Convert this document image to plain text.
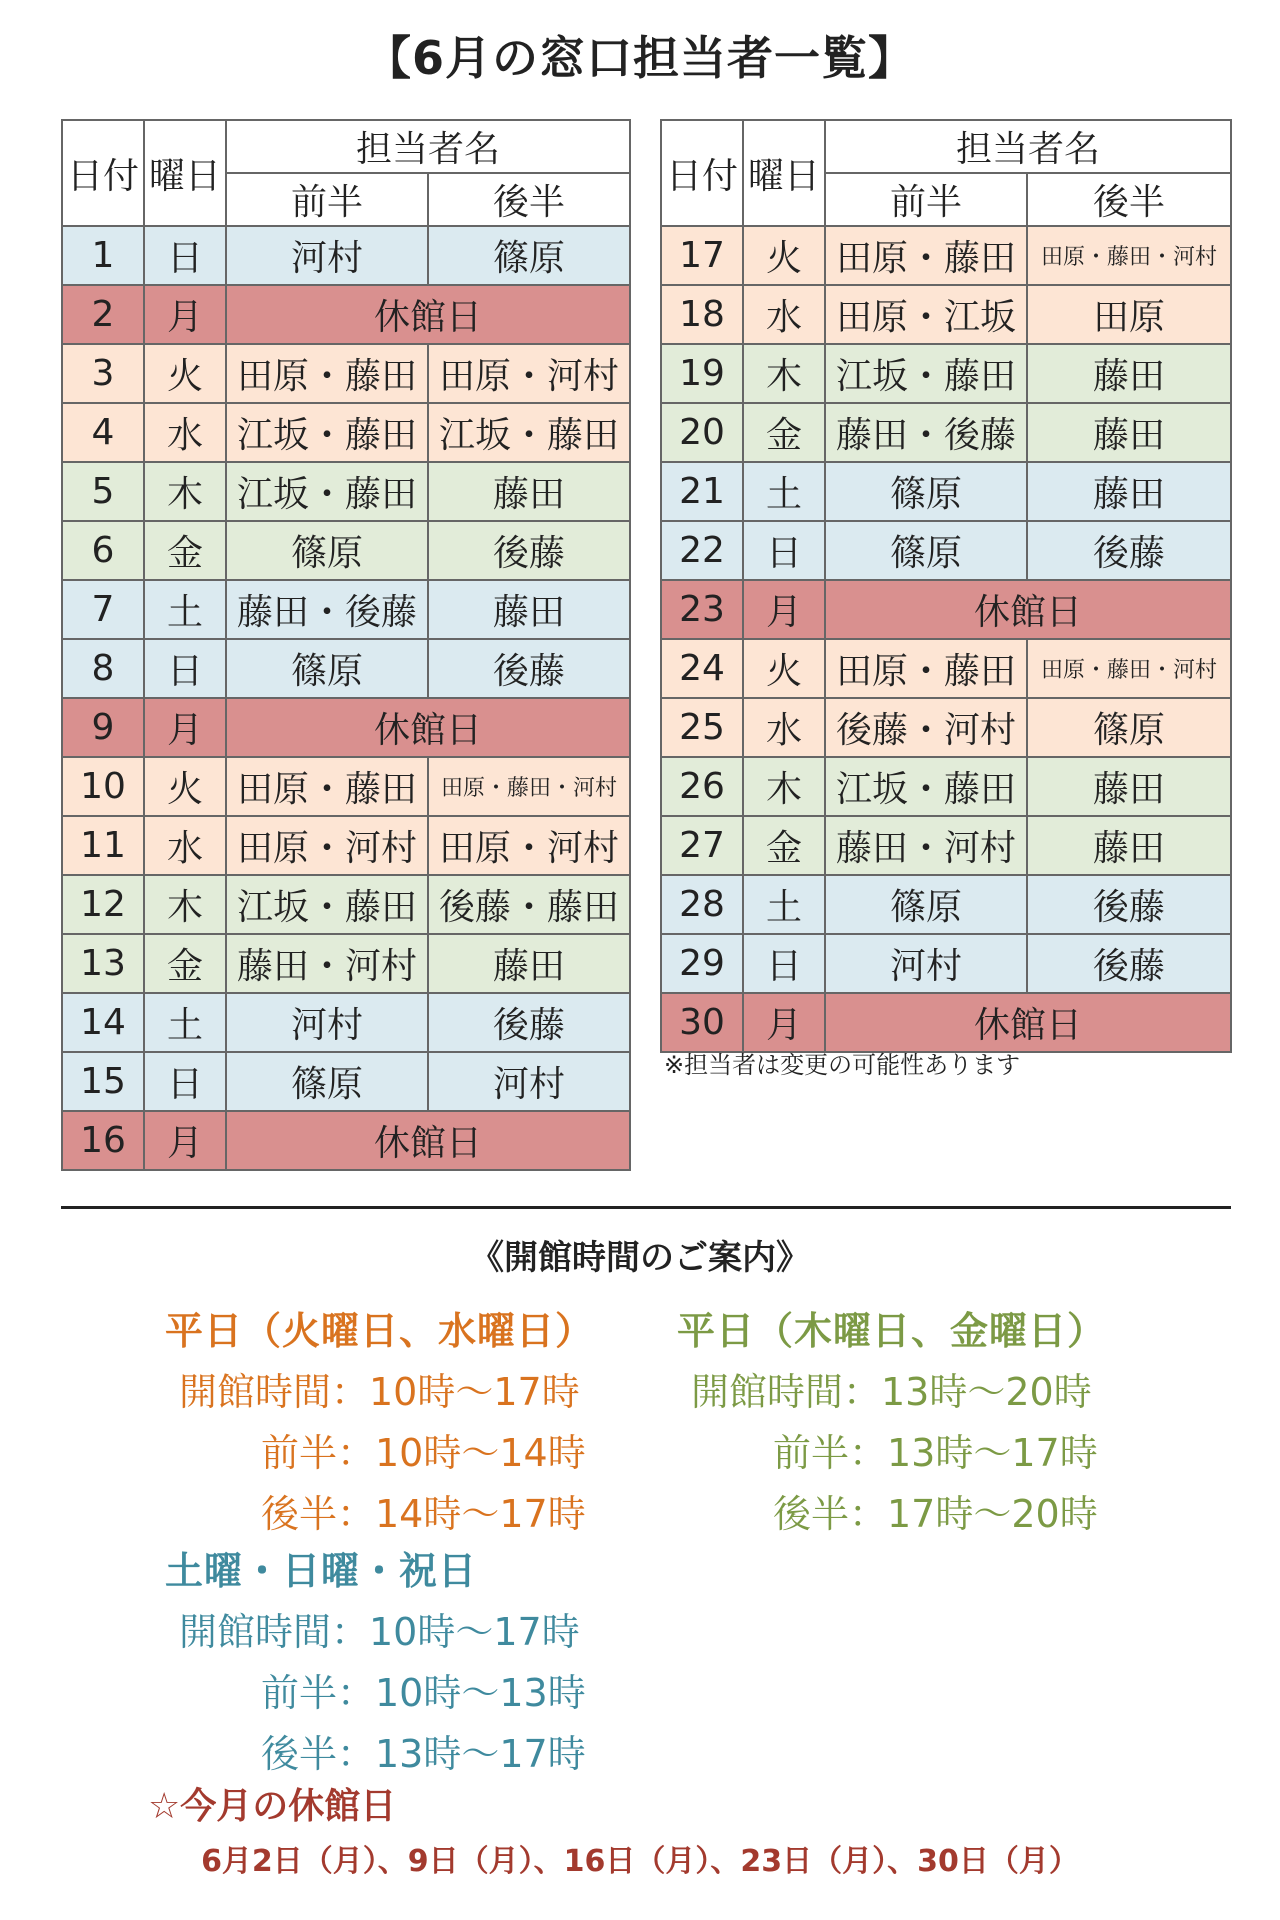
【6月の窓口担当者一覧】
日付	曜日	担当者名	
		前半	後半
1	日	河村	篠原
2	月	休館日	
3	火	田原・藤田	田原・河村
4	水	江坂・藤田	江坂・藤田
5	木	江坂・藤田	藤田
6	金	篠原	後藤
7	土	藤田・後藤	藤田
8	日	篠原	後藤
9	月	休館日	
10	火	田原・藤田	田原・藤田・河村
11	水	田原・河村	田原・河村
12	木	江坂・藤田	後藤・藤田
13	金	藤田・河村	藤田
14	土	河村	後藤
15	日	篠原	河村
16	月	休館日	
日付	曜日	担当者名	
		前半	後半
17	火	田原・藤田	田原・藤田・河村
18	水	田原・江坂	田原
19	木	江坂・藤田	藤田
20	金	藤田・後藤	藤田
21	土	篠原	藤田
22	日	篠原	後藤
23	月	休館日	
24	火	田原・藤田	田原・藤田・河村
25	水	後藤・河村	篠原
26	木	江坂・藤田	藤田
27	金	藤田・河村	藤田
28	土	篠原	後藤
29	日	河村	後藤
30	月	休館日	
※担当者は変更の可能性あります
《開館時間のご案内》
平日（火曜日、水曜日）
開館時間：10時～17時
前半：10時～14時
後半：14時～17時
平日（木曜日、金曜日）
開館時間：13時～20時
前半：13時～17時
後半：17時～20時
土曜・日曜・祝日
開館時間：10時～17時
前半：10時～13時
後半：13時～17時
☆今月の休館日
6月2日（月）、9日（月）、16日（月）、23日（月）、30日（月）
